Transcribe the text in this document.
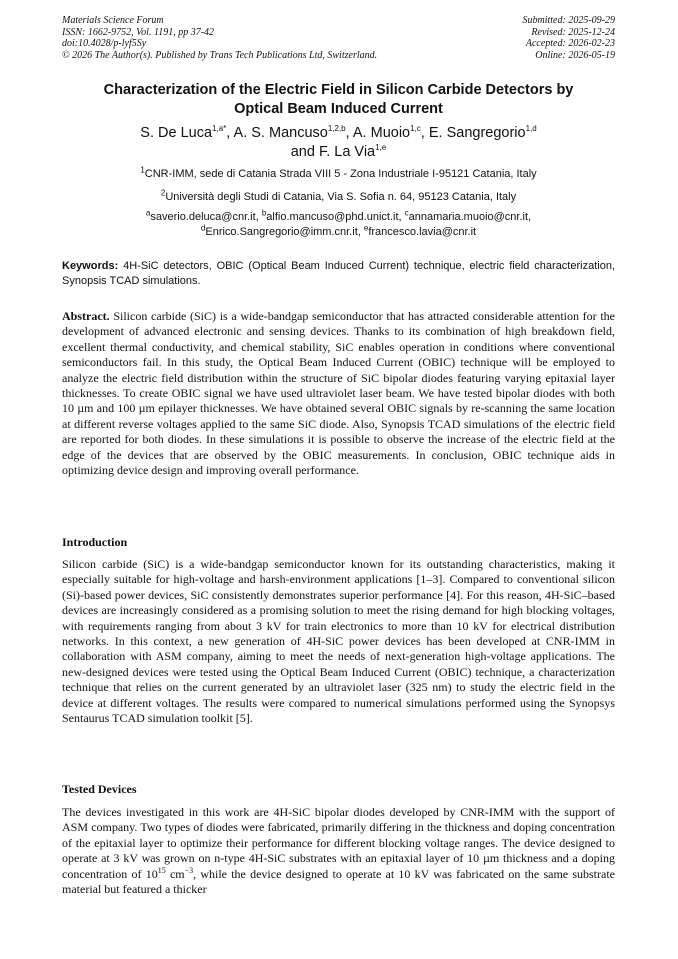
Materials Science Forum
ISSN: 1662-9752, Vol. 1191, pp 37-42
doi:10.4028/p-lyf5Sy
© 2026 The Author(s). Published by Trans Tech Publications Ltd, Switzerland.
Submitted: 2025-09-29
Revised: 2025-12-24
Accepted: 2026-02-23
Online: 2026-05-19
Characterization of the Electric Field in Silicon Carbide Detectors by
Optical Beam Induced Current
S. De Luca$^{1,a*}$, A. S. Mancuso$^{1,2,b}$, A. Muoio$^{1,c}$, E. Sangregorio$^{1,d}$
and F. La Via$^{1,e}$
$^1$CNR-IMM, sede di Catania Strada VIII 5 - Zona Industriale I-95121 Catania, Italy
$^2$Università degli Studi di Catania, Via S. Sofia n. 64, 95123 Catania, Italy
$^a$saverio.deluca@cnr.it, $^b$alfio.mancuso@phd.unict.it, $^c$annamaria.muoio@cnr.it,
$^d$Enrico.Sangregorio@imm.cnr.it, $^e$francesco.lavia@cnr.it
Keywords: 4H-SiC detectors, OBIC (Optical Beam Induced Current) technique, electric field characterization, Synopsis TCAD simulations.
Abstract. Silicon carbide (SiC) is a wide-bandgap semiconductor that has attracted considerable attention for the development of advanced electronic and sensing devices. Thanks to its combination of high breakdown field, excellent thermal conductivity, and chemical stability, SiC enables operation in conditions where conventional semiconductors fail. In this study, the Optical Beam Induced Current (OBIC) technique will be employed to analyze the electric field distribution within the structure of SiC bipolar diodes featuring varying epitaxial layer thicknesses. To create OBIC signal we have used ultraviolet laser beam. We have tested bipolar diodes with both 10 µm and 100 µm epilayer thicknesses. We have obtained several OBIC signals by re-scanning the same location at different reverse voltages applied to the same SiC diode. Also, Synopsis TCAD simulations of the electric field are reported for both diodes. In these simulations it is possible to observe the increase of the electric field at the edge of the devices that are observed by the OBIC measurements. In conclusion, OBIC technique aids in optimizing device design and improving overall performance.
Introduction
Silicon carbide (SiC) is a wide-bandgap semiconductor known for its outstanding characteristics, making it especially suitable for high-voltage and harsh-environment applications [1–3]. Compared to conventional silicon (Si)-based power devices, SiC consistently demonstrates superior performance [4]. For this reason, 4H-SiC–based devices are increasingly considered as a promising solution to meet the rising demand for high blocking voltages, with requirements ranging from about 3 kV for train electronics to more than 10 kV for electrical distribution networks. In this context, a new generation of 4H-SiC power devices has been developed at CNR-IMM in collaboration with ASM company, aiming to meet the needs of next-generation high-voltage applications. The new-designed devices were tested using the Optical Beam Induced Current (OBIC) technique, a characterization technique that relies on the current generated by an ultraviolet laser (325 nm) to study the electric field in the device at different voltages. The results were compared to numerical simulations performed using the Synopsys Sentaurus TCAD simulation toolkit [5].
Tested Devices
The devices investigated in this work are 4H-SiC bipolar diodes developed by CNR-IMM with the support of ASM company. Two types of diodes were fabricated, primarily differing in the thickness and doping concentration of the epitaxial layer to optimize their performance for different blocking voltage ranges. The device designed to operate at 3 kV was grown on n-type 4H-SiC substrates with an epitaxial layer of 10 µm thickness and a doping concentration of $10^{15}$ $cm^{-3}$, while the device designed to operate at 10 kV was fabricated on the same substrate material but featured a thicker
